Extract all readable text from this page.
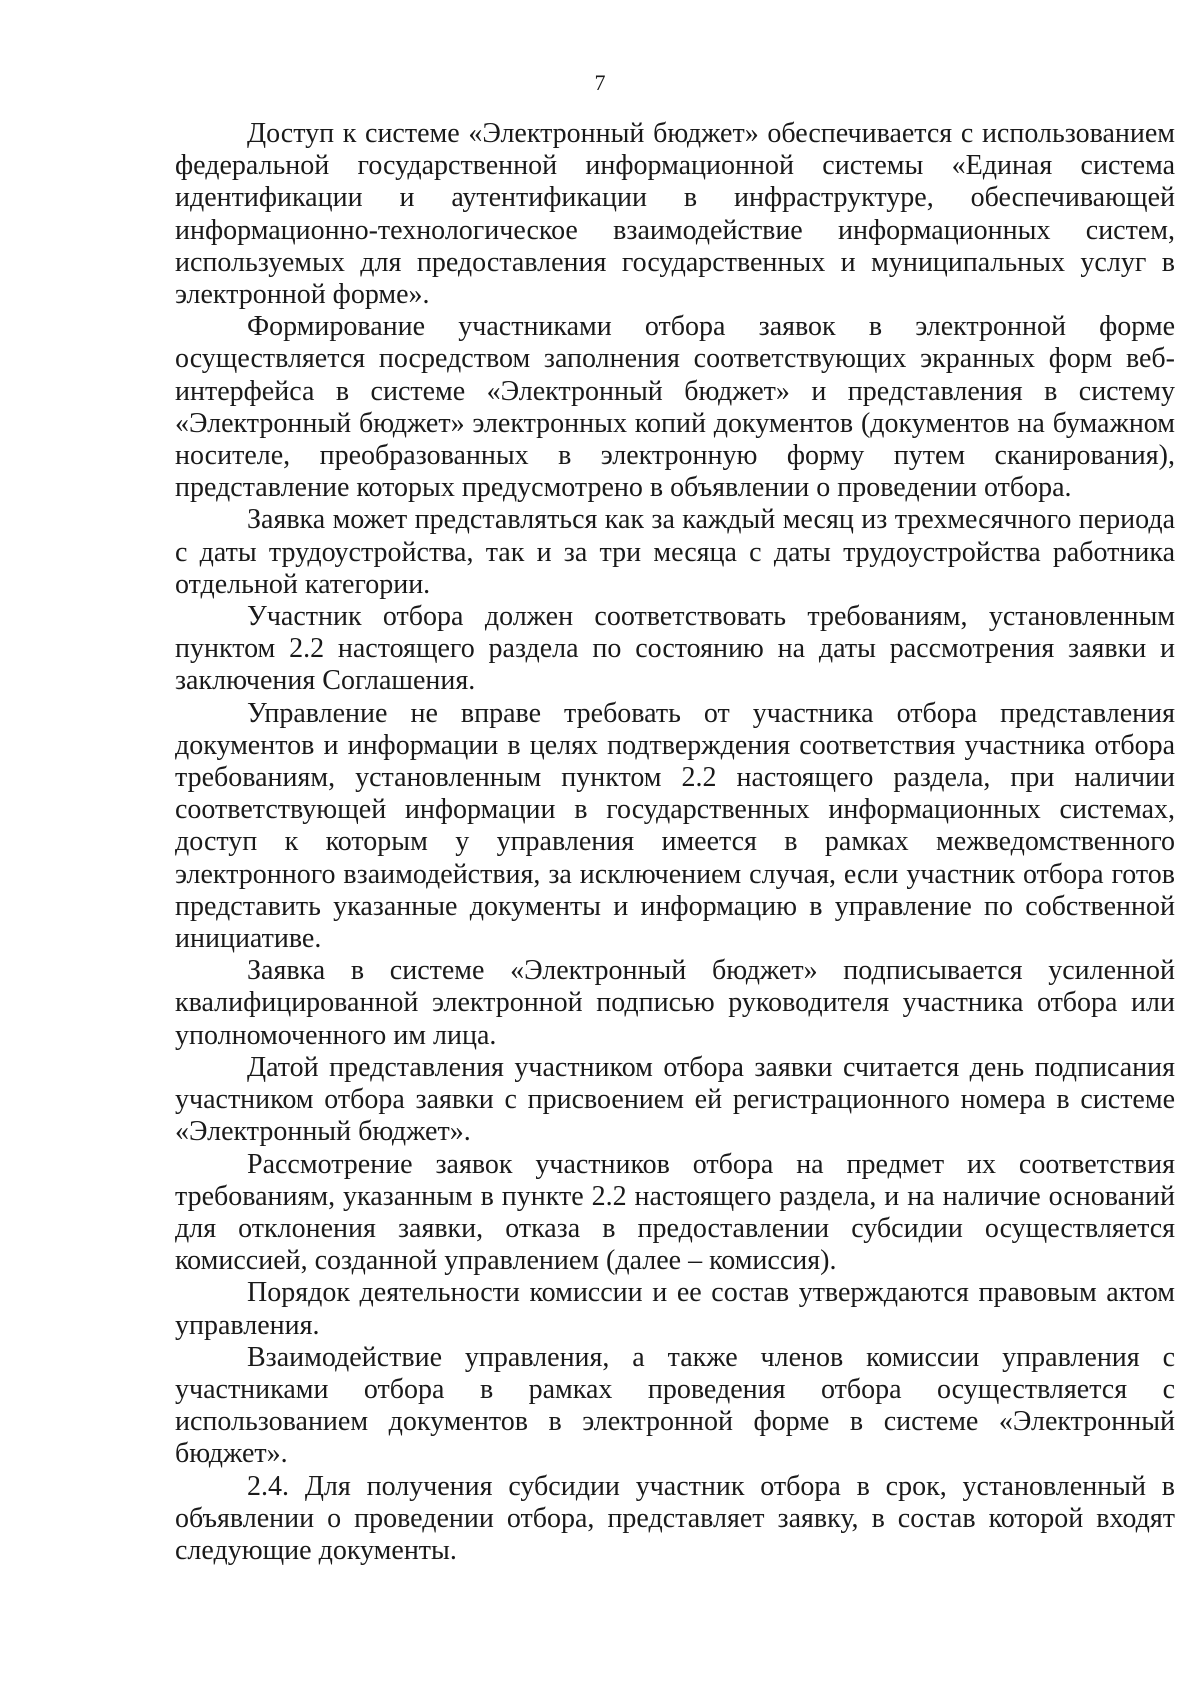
7

Доступ к системе «Электронный бюджет» обеспечивается с использованием федеральной государственной информационной системы «Единая система идентификации и аутентификации в инфраструктуре, обеспечивающей информационно-технологическое взаимодействие информационных систем, используемых для предоставления государственных и муниципальных услуг в электронной форме».

Формирование участниками отбора заявок в электронной форме осуществляется посредством заполнения соответствующих экранных форм веб-интерфейса в системе «Электронный бюджет» и представления в систему «Электронный бюджет» электронных копий документов (документов на бумажном носителе, преобразованных в электронную форму путем сканирования), представление которых предусмотрено в объявлении о проведении отбора.

Заявка может представляться как за каждый месяц из трехмесячного периода с даты трудоустройства, так и за три месяца с даты трудоустройства работника отдельной категории.

Участник отбора должен соответствовать требованиям, установленным пунктом 2.2 настоящего раздела по состоянию на даты рассмотрения заявки и заключения Соглашения.

Управление не вправе требовать от участника отбора представления документов и информации в целях подтверждения соответствия участника отбора требованиям, установленным пунктом 2.2 настоящего раздела, при наличии соответствующей информации в государственных информационных системах, доступ к которым у управления имеется в рамках межведомственного электронного взаимодействия, за исключением случая, если участник отбора готов представить указанные документы и информацию в управление по собственной инициативе.

Заявка в системе «Электронный бюджет» подписывается усиленной квалифицированной электронной подписью руководителя участника отбора или уполномоченного им лица.

Датой представления участником отбора заявки считается день подписания участником отбора заявки с присвоением ей регистрационного номера в системе «Электронный бюджет».

Рассмотрение заявок участников отбора на предмет их соответствия требованиям, указанным в пункте 2.2 настоящего раздела, и на наличие оснований для отклонения заявки, отказа в предоставлении субсидии осуществляется комиссией, созданной управлением (далее – комиссия).

Порядок деятельности комиссии и ее состав утверждаются правовым актом управления.

Взаимодействие управления, а также членов комиссии управления с участниками отбора в рамках проведения отбора осуществляется с использованием документов в электронной форме в системе «Электронный бюджет».

2.4. Для получения субсидии участник отбора в срок, установленный в объявлении о проведении отбора, представляет заявку, в состав которой входят следующие документы.
